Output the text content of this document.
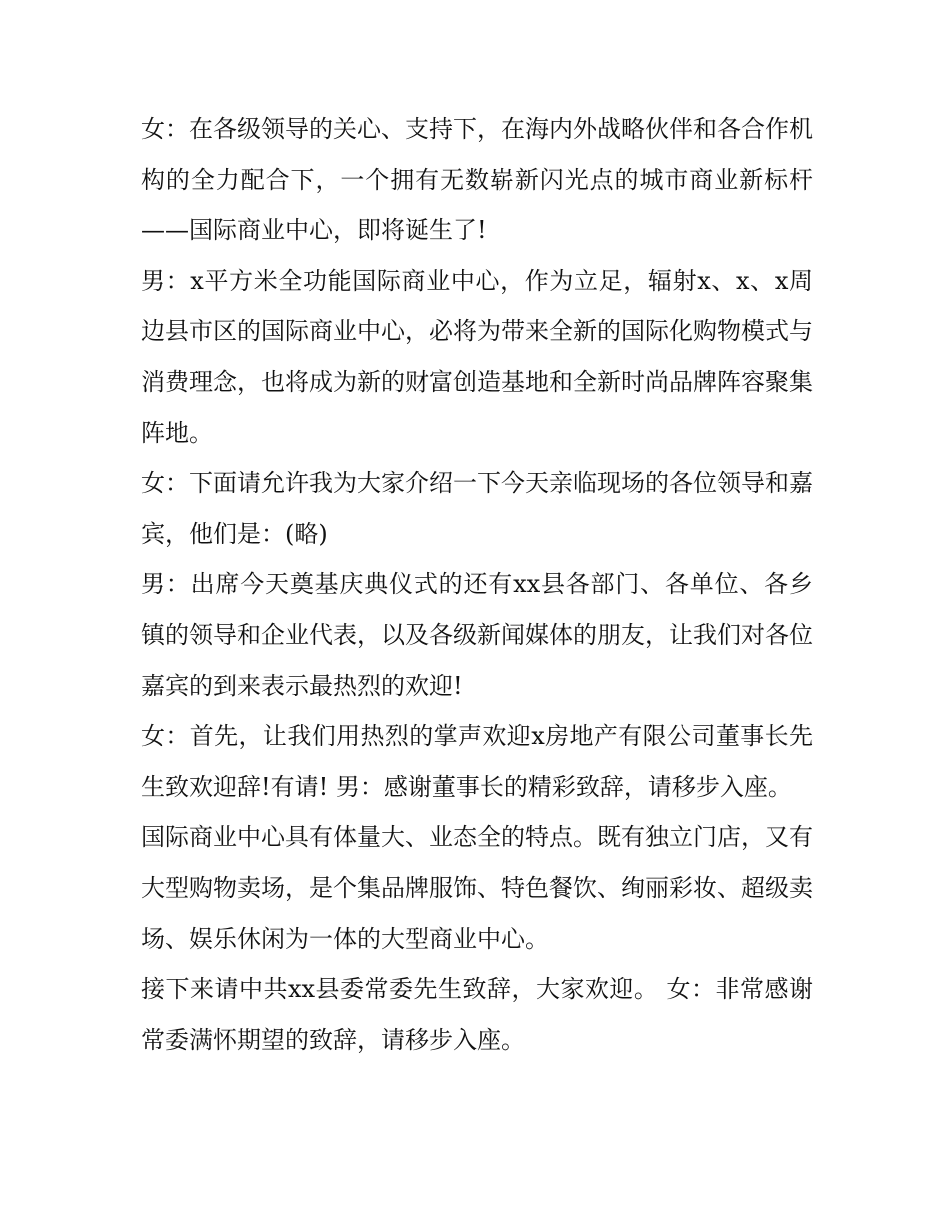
女：在各级领导的关心、支持下，在海内外战略伙伴和各合作机构的全力配合下，一个拥有无数崭新闪光点的城市商业新标杆——国际商业中心，即将诞生了!

男：x平方米全功能国际商业中心，作为立足，辐射x、x、x周边县市区的国际商业中心，必将为带来全新的国际化购物模式与消费理念，也将成为新的财富创造基地和全新时尚品牌阵容聚集阵地。

女：下面请允许我为大家介绍一下今天亲临现场的各位领导和嘉宾，他们是：(略)

男：出席今天奠基庆典仪式的还有xx县各部门、各单位、各乡镇的领导和企业代表，以及各级新闻媒体的朋友，让我们对各位嘉宾的到来表示最热烈的欢迎!

女：首先，让我们用热烈的掌声欢迎x房地产有限公司董事长先生致欢迎辞!有请! 男：感谢董事长的精彩致辞，请移步入座。

国际商业中心具有体量大、业态全的特点。既有独立门店，又有大型购物卖场，是个集品牌服饰、特色餐饮、绚丽彩妆、超级卖场、娱乐休闲为一体的大型商业中心。

接下来请中共xx县委常委先生致辞，大家欢迎。 女：非常感谢常委满怀期望的致辞，请移步入座。
